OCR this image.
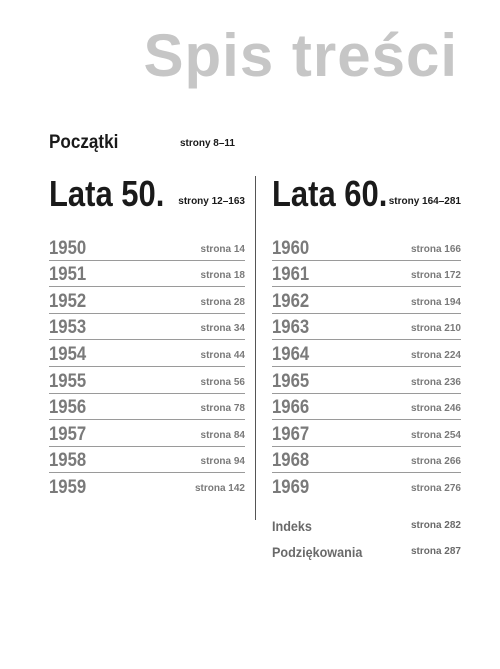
Spis treści
Początki	strony 8–11
Lata 50. strony 12–163
1950	strona 14
1951	strona 18
1952	strona 28
1953	strona 34
1954	strona 44
1955	strona 56
1956	strona 78
1957	strona 84
1958	strona 94
1959	strona 142
Lata 60. strony 164–281
1960	strona 166
1961	strona 172
1962	strona 194
1963	strona 210
1964	strona 224
1965	strona 236
1966	strona 246
1967	strona 254
1968	strona 266
1969	strona 276
Indeks	strona 282
Podziękowania	strona 287
